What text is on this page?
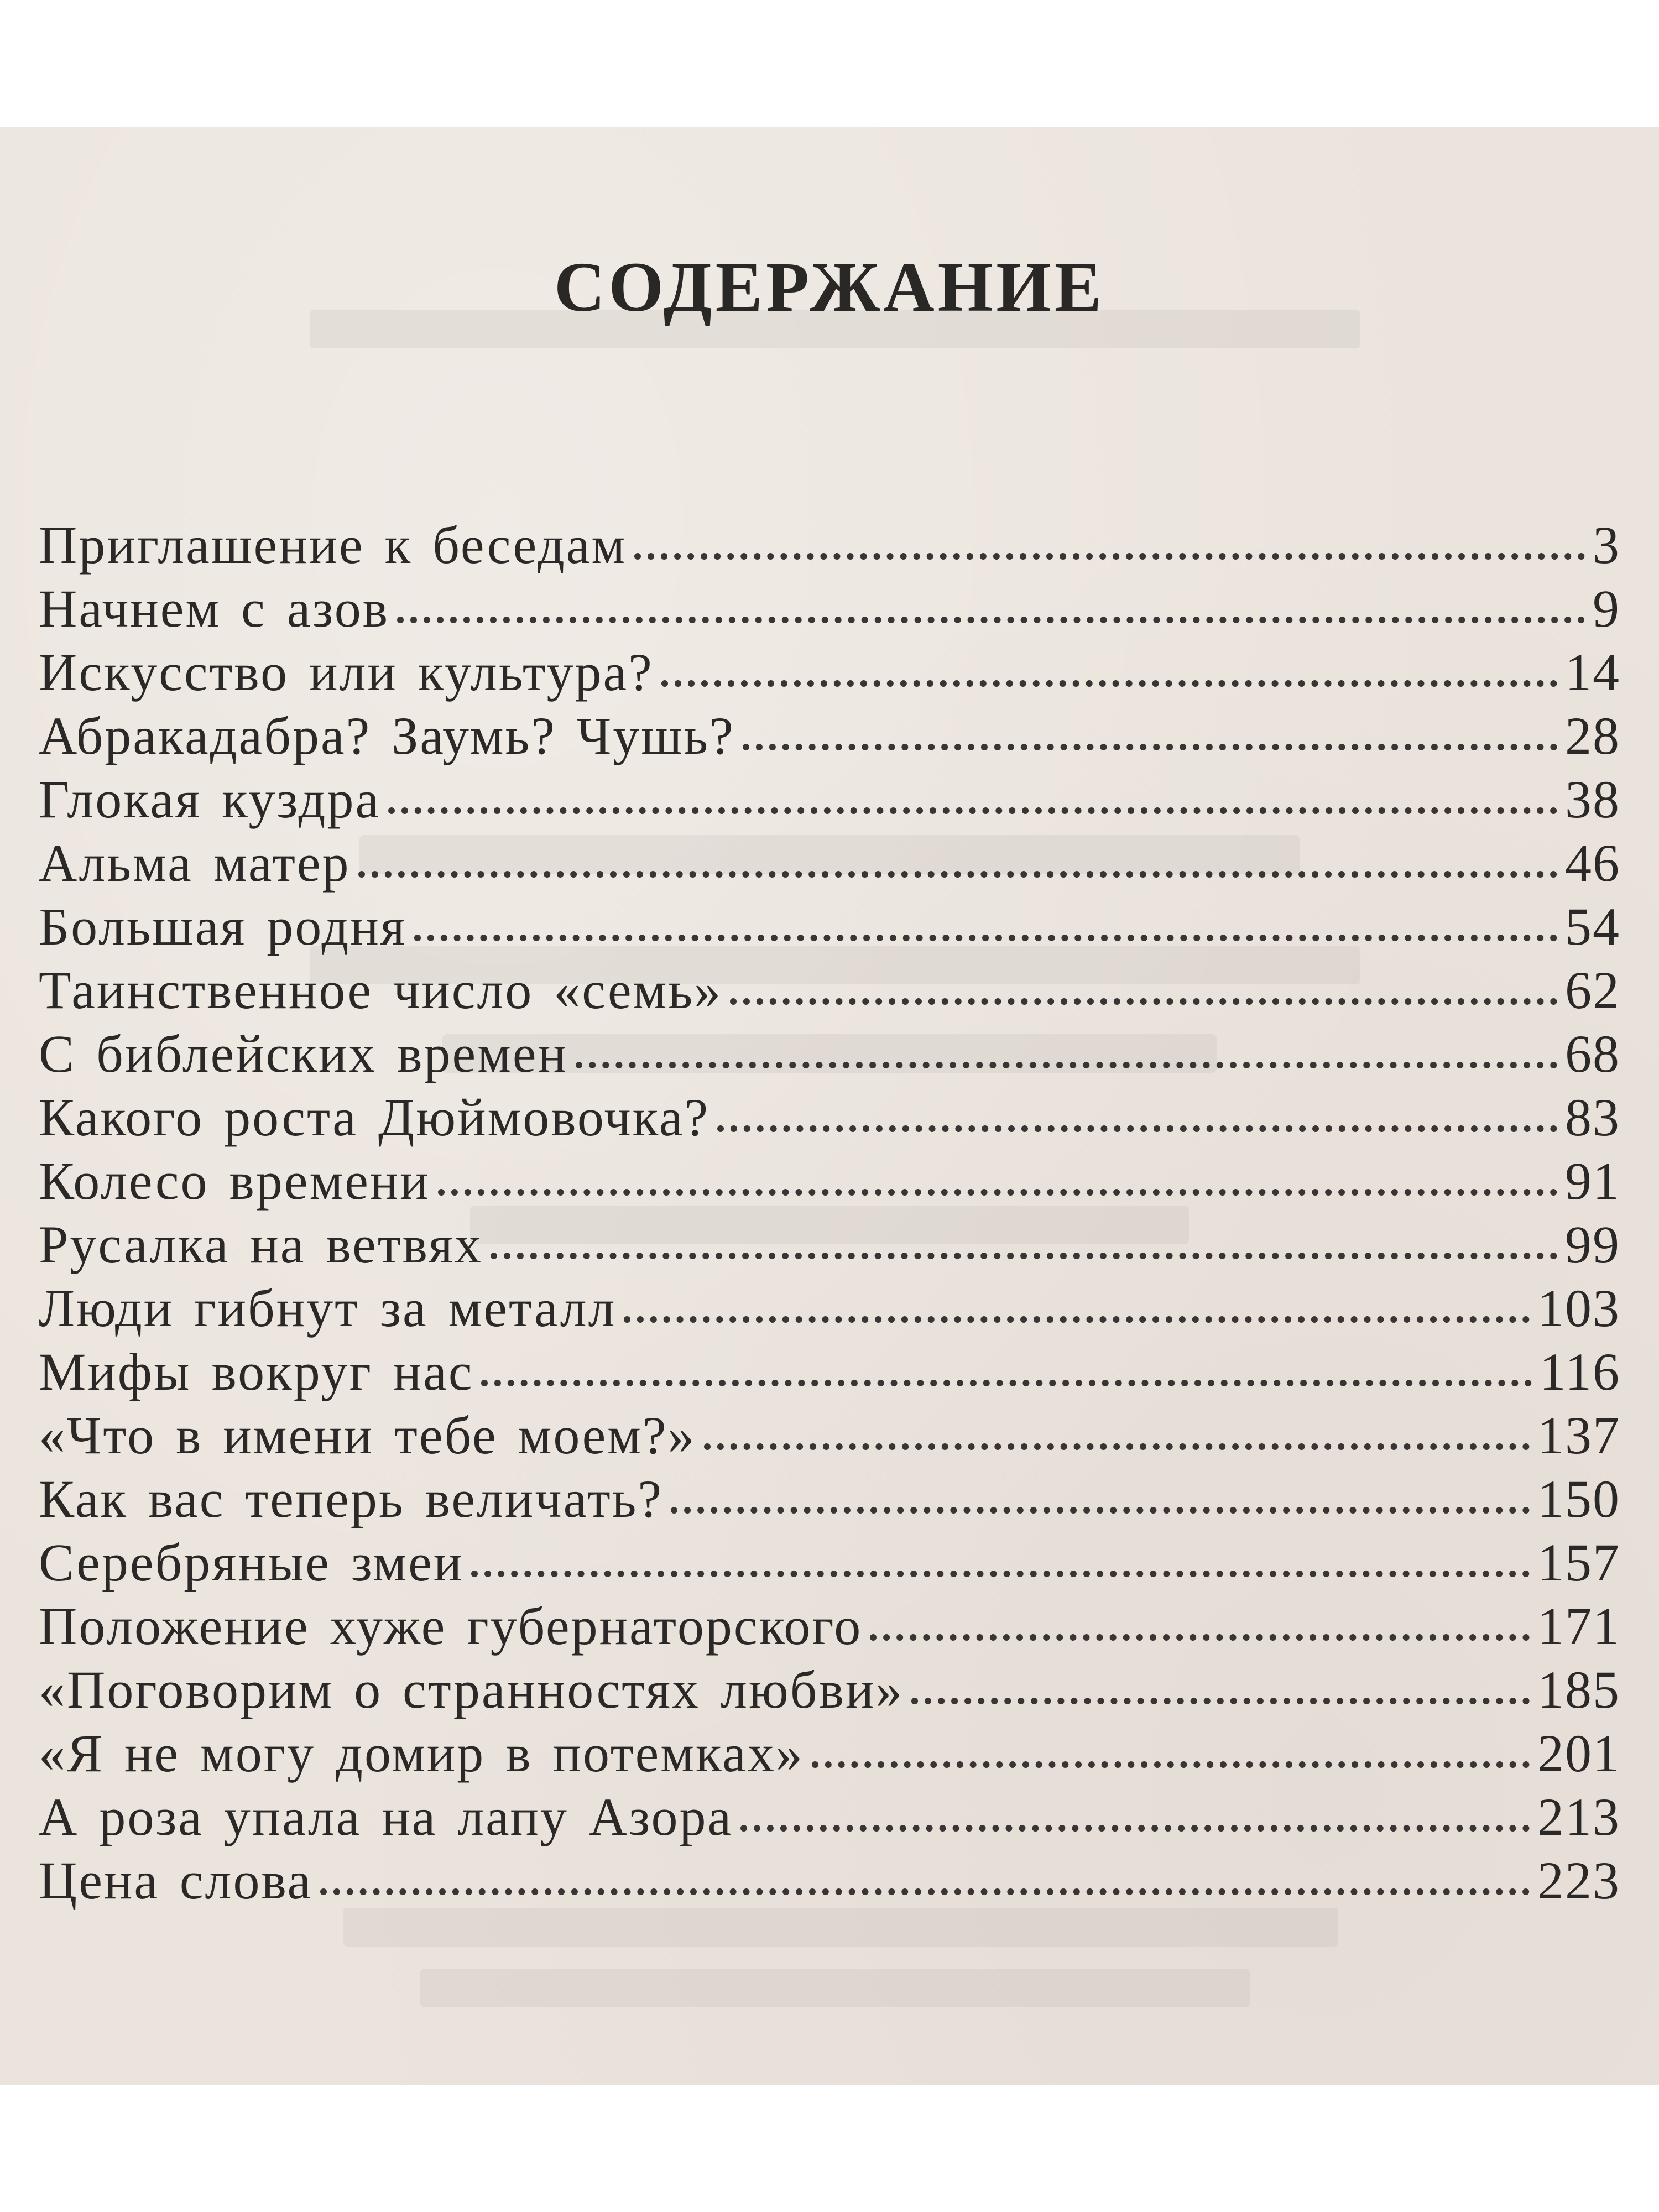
СОДЕРЖАНИЕ
Приглашение к беседам	3
Начнем с азов	9
Искусство или культура?	14
Абракадабра? Заумь? Чушь?	28
Глокая куздра	38
Альма матер	46
Большая родня	54
Таинственное число «семь»	62
С библейских времен	68
Какого роста Дюймовочка?	83
Колесо времени	91
Русалка на ветвях	99
Люди гибнут за металл	103
Мифы вокруг нас	116
«Что в имени тебе моем?»	137
Как вас теперь величать?	150
Серебряные змеи	157
Положение хуже губернаторского	171
«Поговорим о странностях любви»	185
«Я не могу домир в потемках»	201
А роза упала на лапу Азора	213
Цена слова	223
